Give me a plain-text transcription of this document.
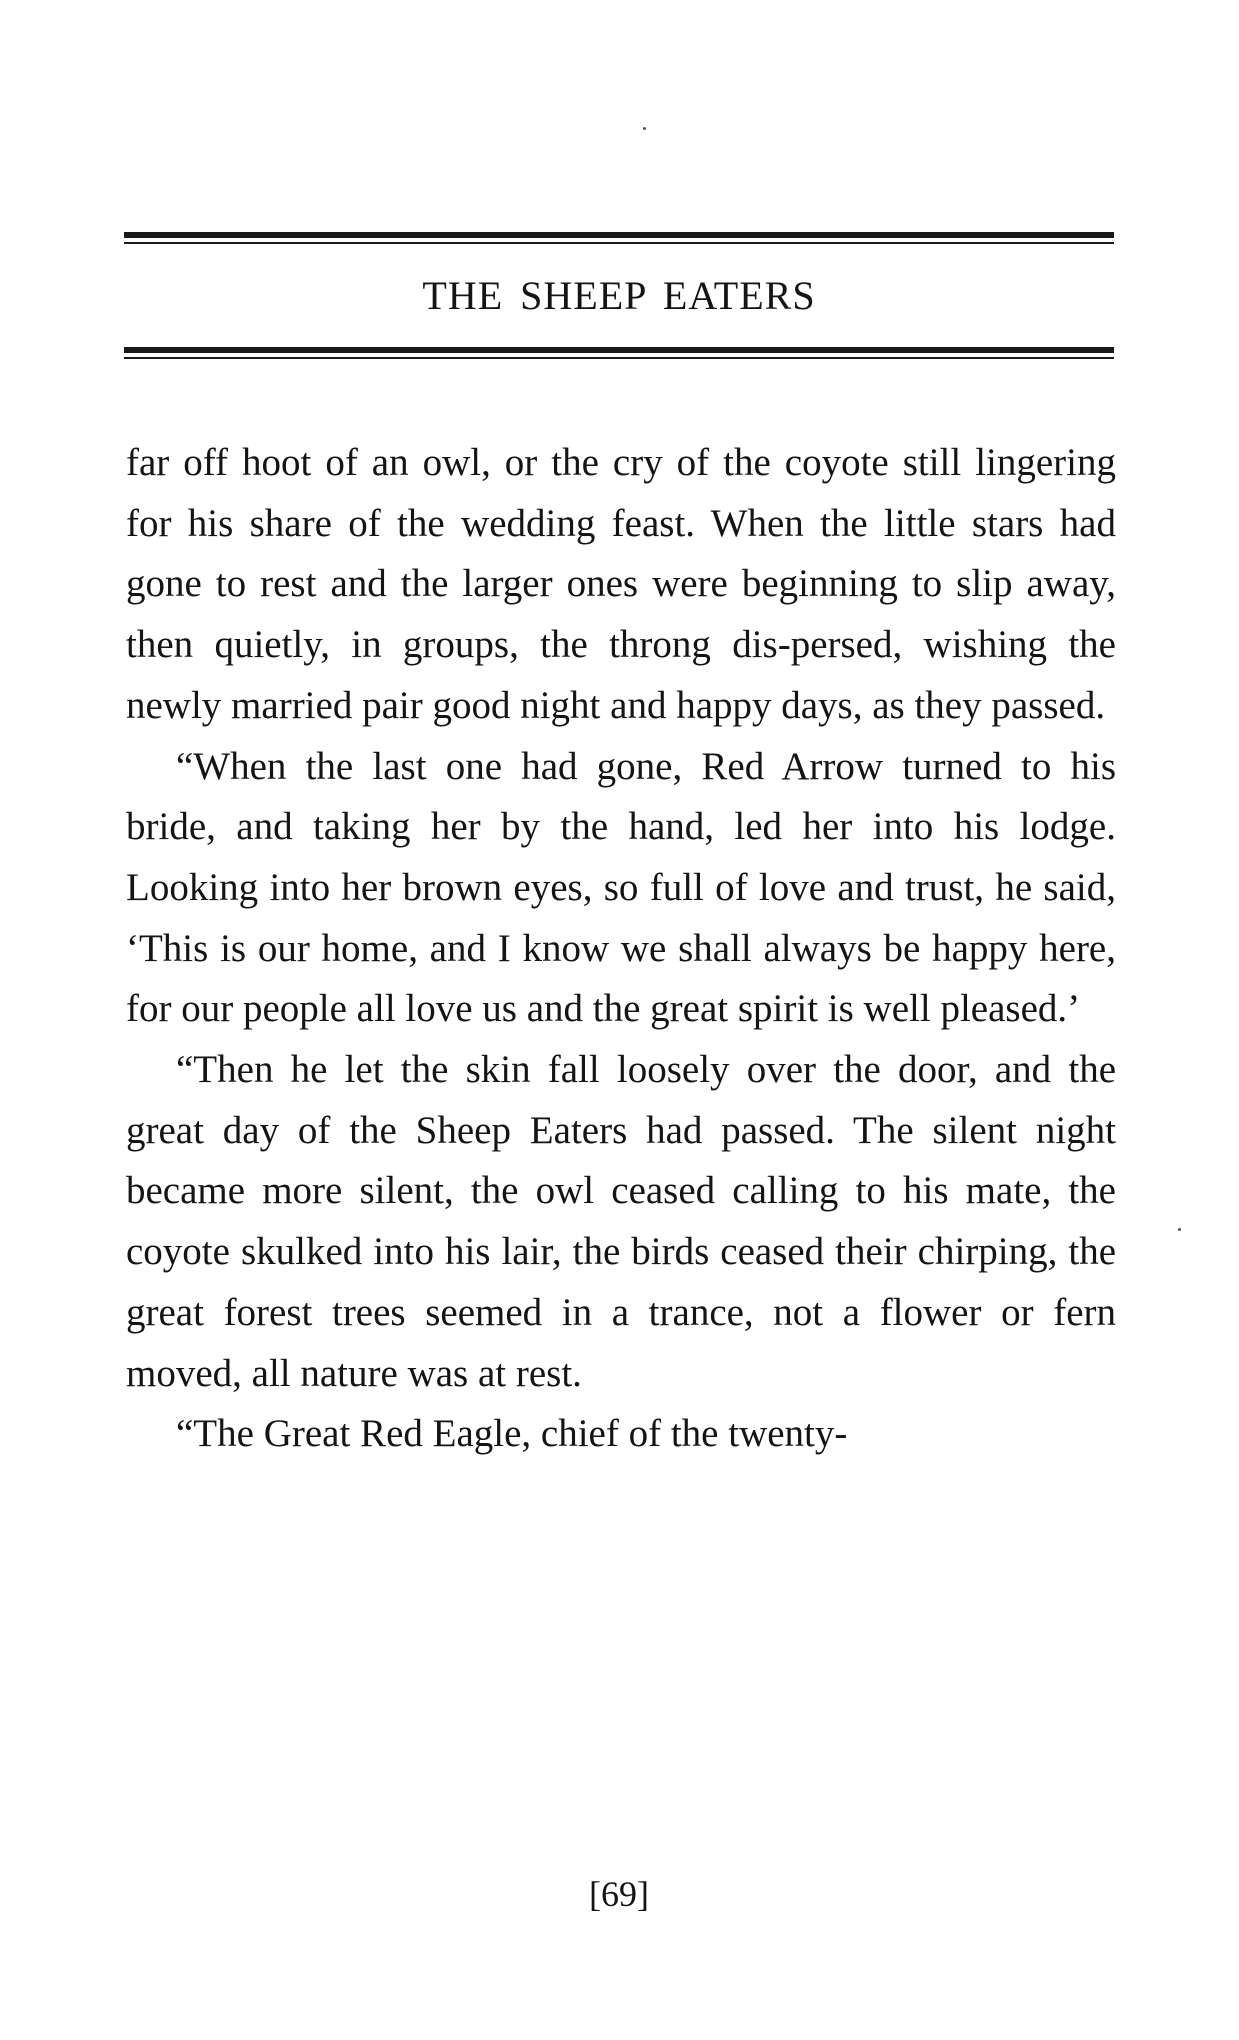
THE SHEEP EATERS

far off hoot of an owl, or the cry of the coyote still lingering for his share of the wedding feast. When the little stars had gone to rest and the larger ones were beginning to slip away, then quietly, in groups, the throng dis-persed, wishing the newly married pair good night and happy days, as they passed.

“When the last one had gone, Red Arrow turned to his bride, and taking her by the hand, led her into his lodge. Looking into her brown eyes, so full of love and trust, he said, ‘This is our home, and I know we shall always be happy here, for our people all love us and the great spirit is well pleased.’

“Then he let the skin fall loosely over the door, and the great day of the Sheep Eaters had passed. The silent night became more silent, the owl ceased calling to his mate, the coyote skulked into his lair, the birds ceased their chirping, the great forest trees seemed in a trance, not a flower or fern moved, all nature was at rest.

“The Great Red Eagle, chief of the twenty-

[69]
